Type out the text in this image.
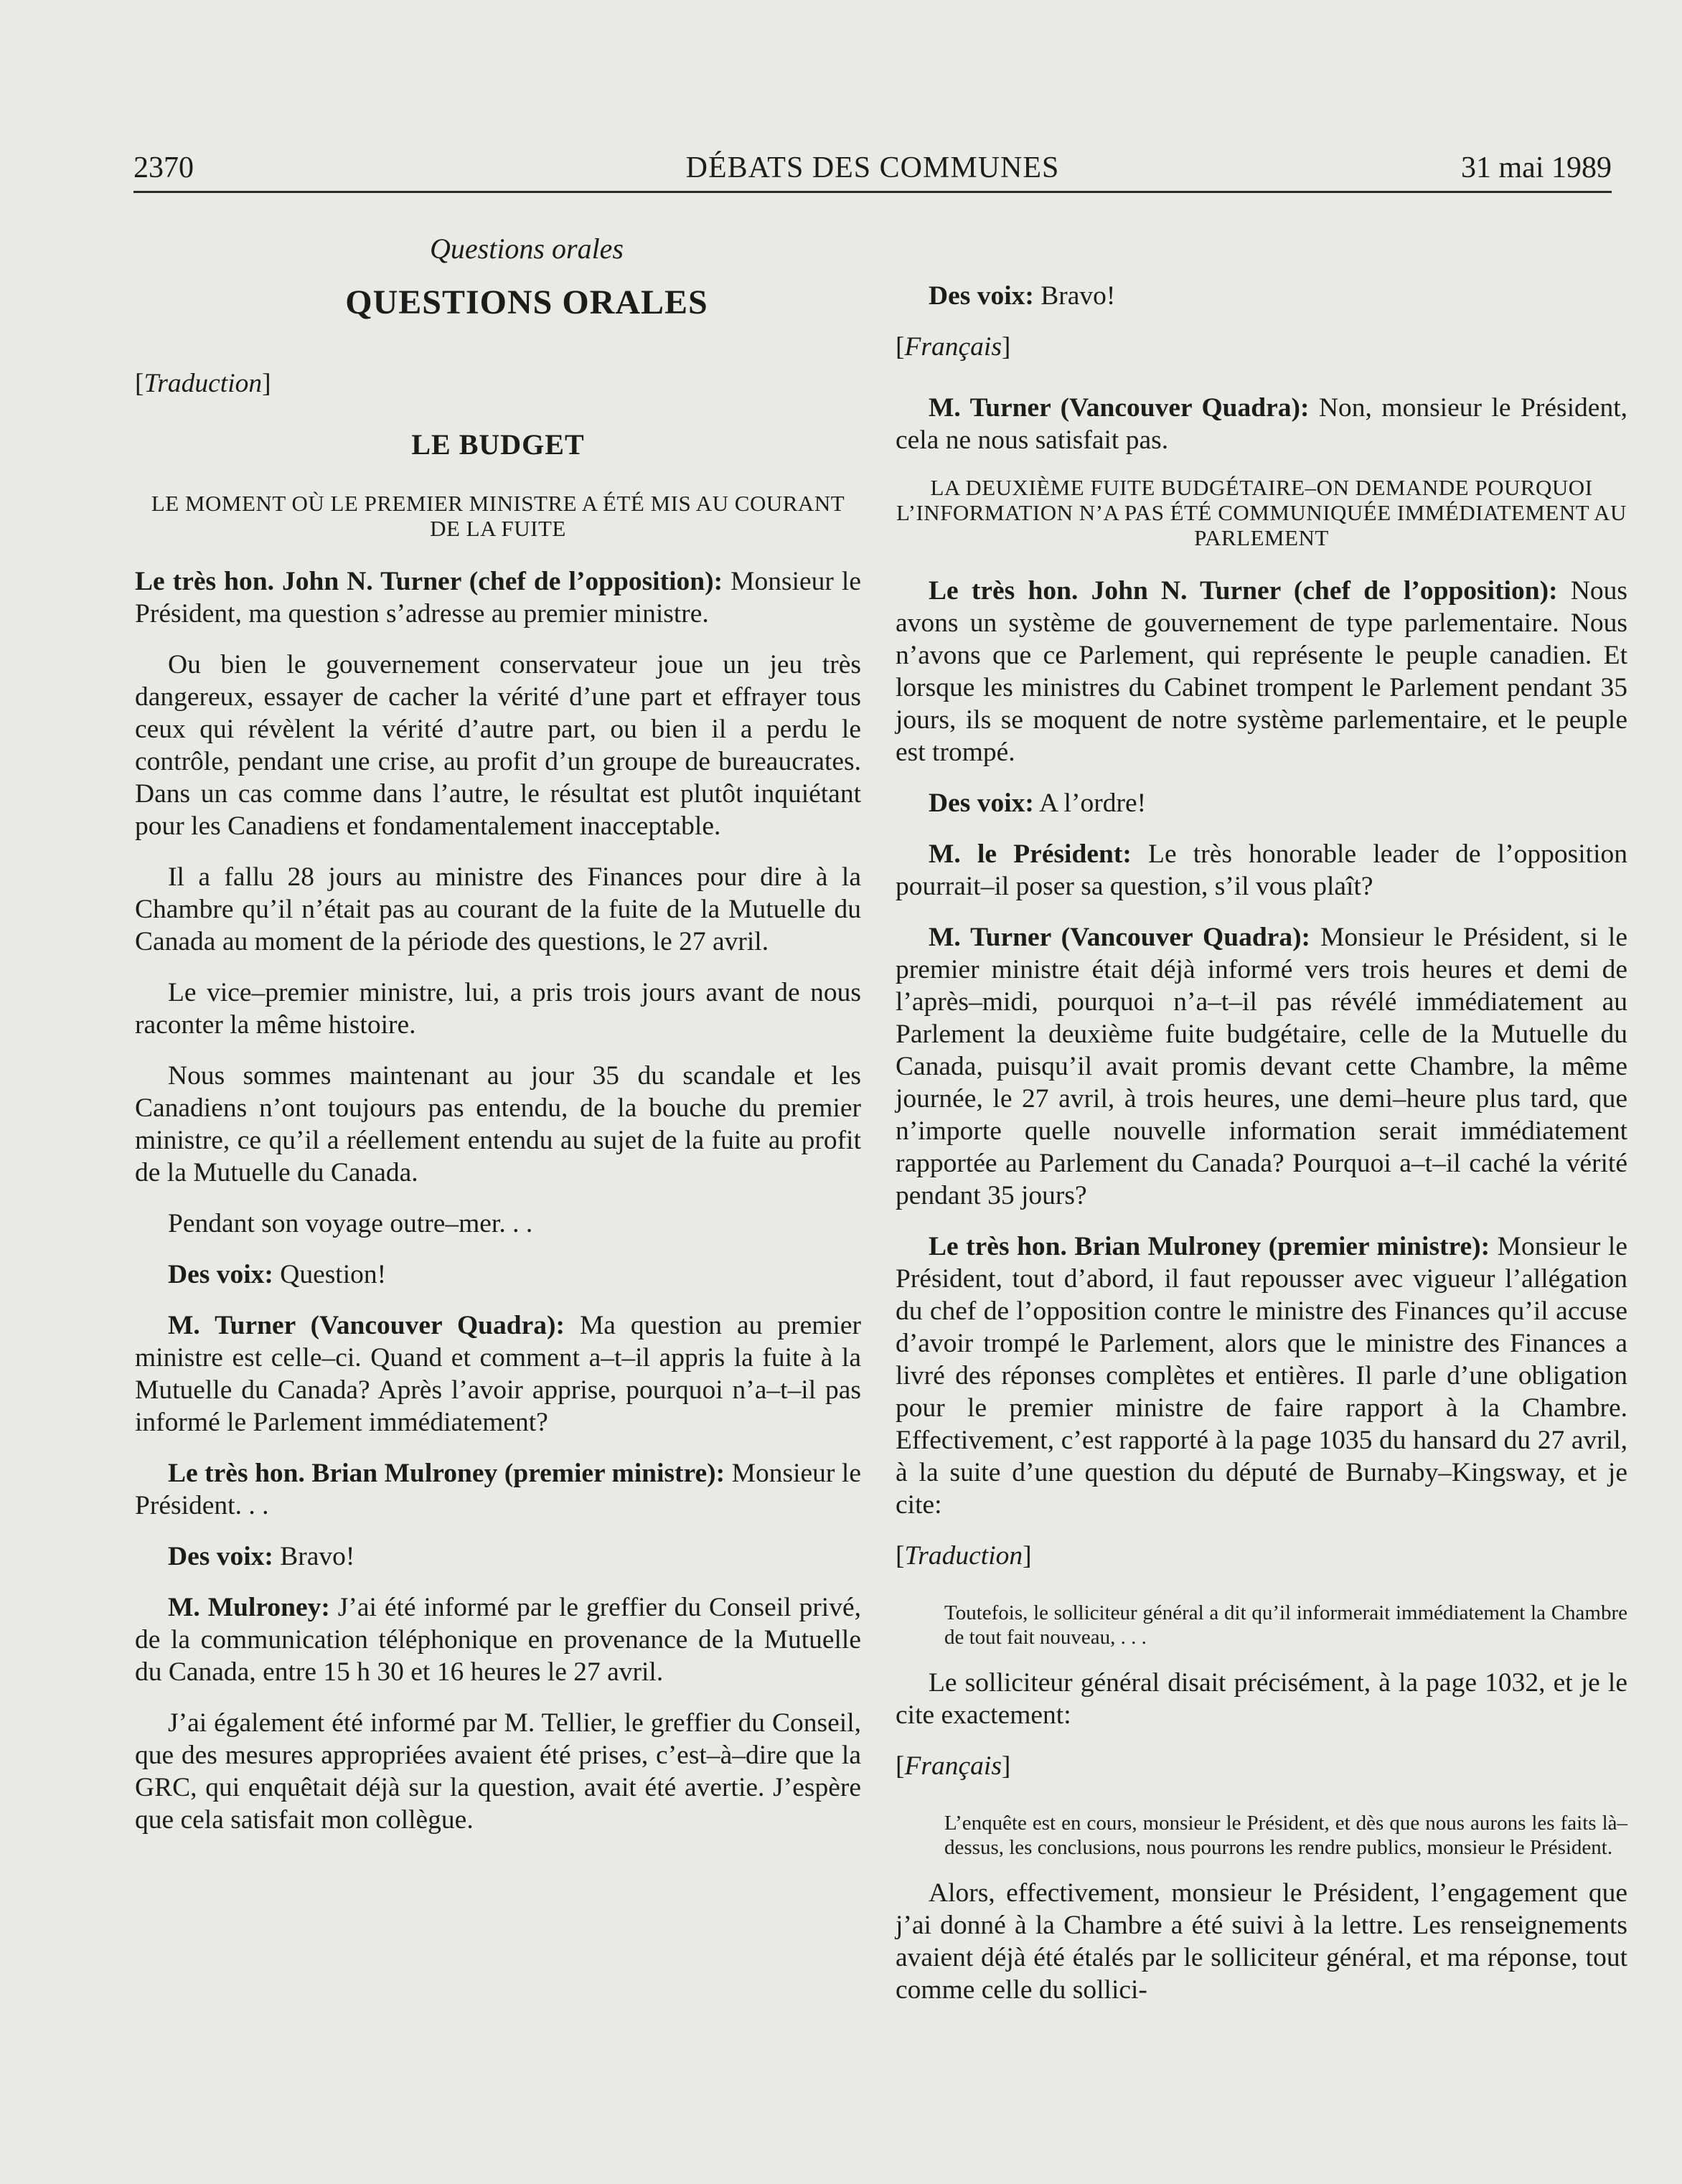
2370	DÉBATS DES COMMUNES	31 mai 1989
Questions orales
QUESTIONS ORALES
[Traduction]
LE BUDGET
LE MOMENT OÙ LE PREMIER MINISTRE A ÉTÉ MIS AU COURANT DE LA FUITE

Le très hon. John N. Turner (chef de l’opposition): Monsieur le Président, ma question s’adresse au premier ministre.

Ou bien le gouvernement conservateur joue un jeu très dangereux, essayer de cacher la vérité d’une part et effrayer tous ceux qui révèlent la vérité d’autre part, ou bien il a perdu le contrôle, pendant une crise, au profit d’un groupe de bureaucrates. Dans un cas comme dans l’autre, le résultat est plutôt inquiétant pour les Canadiens et fondamentalement inacceptable.

Il a fallu 28 jours au ministre des Finances pour dire à la Chambre qu’il n’était pas au courant de la fuite de la Mutuelle du Canada au moment de la période des questions, le 27 avril.

Le vice–premier ministre, lui, a pris trois jours avant de nous raconter la même histoire.

Nous sommes maintenant au jour 35 du scandale et les Canadiens n’ont toujours pas entendu, de la bouche du premier ministre, ce qu’il a réellement entendu au sujet de la fuite au profit de la Mutuelle du Canada.

Pendant son voyage outre–mer. . .

Des voix: Question!

M. Turner (Vancouver Quadra): Ma question au premier ministre est celle–ci. Quand et comment a–t–il appris la fuite à la Mutuelle du Canada? Après l’avoir apprise, pourquoi n’a–t–il pas informé le Parlement immédiatement?

Le très hon. Brian Mulroney (premier ministre): Monsieur le Président. . .

Des voix: Bravo!

M. Mulroney: J’ai été informé par le greffier du Conseil privé, de la communication téléphonique en provenance de la Mutuelle du Canada, entre 15 h 30 et 16 heures le 27 avril.

J’ai également été informé par M. Tellier, le greffier du Conseil, que des mesures appropriées avaient été prises, c’est–à–dire que la GRC, qui enquêtait déjà sur la question, avait été avertie. J’espère que cela satisfait mon collègue.

Des voix: Bravo!

[Français]

M. Turner (Vancouver Quadra): Non, monsieur le Président, cela ne nous satisfait pas.

LA DEUXIÈME FUITE BUDGÉTAIRE–ON DEMANDE POURQUOI L’INFORMATION N’A PAS ÉTÉ COMMUNIQUÉE IMMÉDIATEMENT AU PARLEMENT

Le très hon. John N. Turner (chef de l’opposition): Nous avons un système de gouvernement de type parlementaire. Nous n’avons que ce Parlement, qui représente le peuple canadien. Et lorsque les ministres du Cabinet trompent le Parlement pendant 35 jours, ils se moquent de notre système parlementaire, et le peuple est trompé.

Des voix: A l’ordre!

M. le Président: Le très honorable leader de l’opposition pourrait–il poser sa question, s’il vous plaît?

M. Turner (Vancouver Quadra): Monsieur le Président, si le premier ministre était déjà informé vers trois heures et demi de l’après–midi, pourquoi n’a–t–il pas révélé immédiatement au Parlement la deuxième fuite budgétaire, celle de la Mutuelle du Canada, puisqu’il avait promis devant cette Chambre, la même journée, le 27 avril, à trois heures, une demi–heure plus tard, que n’importe quelle nouvelle information serait immédiatement rapportée au Parlement du Canada? Pourquoi a–t–il caché la vérité pendant 35 jours?

Le très hon. Brian Mulroney (premier ministre): Monsieur le Président, tout d’abord, il faut repousser avec vigueur l’allégation du chef de l’opposition contre le ministre des Finances qu’il accuse d’avoir trompé le Parlement, alors que le ministre des Finances a livré des réponses complètes et entières. Il parle d’une obligation pour le premier ministre de faire rapport à la Chambre. Effectivement, c’est rapporté à la page 1035 du hansard du 27 avril, à la suite d’une question du député de Burnaby–Kingsway, et je cite:

[Traduction]
Toutefois, le solliciteur général a dit qu’il informerait immédiatement la Chambre de tout fait nouveau, . . .

Le solliciteur général disait précisément, à la page 1032, et je le cite exactement:

[Français]
L’enquête est en cours, monsieur le Président, et dès que nous aurons les faits là–dessus, les conclusions, nous pourrons les rendre publics, monsieur le Président.

Alors, effectivement, monsieur le Président, l’engagement que j’ai donné à la Chambre a été suivi à la lettre. Les renseignements avaient déjà été étalés par le solliciteur général, et ma réponse, tout comme celle du sollici-
